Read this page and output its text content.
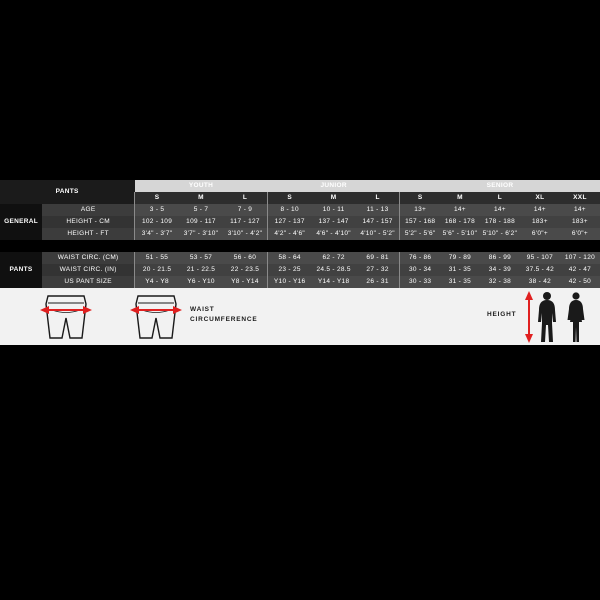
PANTS		YOUTH			JUNIOR			SENIOR				
		S	M	L	S	M	L	S	M	L	XL	XXL
GENERAL	AGE	3 - 5	5 - 7	7 - 9	8 - 10	10 - 11	11 - 13	13+	14+	14+	14+	14+
	HEIGHT - CM	102 - 109	109 - 117	117 - 127	127 - 137	137 - 147	147 - 157	157 - 168	168 - 178	178 - 188	183+	183+
	HEIGHT - FT	3'4" - 3'7"	3'7" - 3'10"	3'10" - 4'2"	4'2" - 4'6"	4'6" - 4'10"	4'10" - 5'2"	5'2" - 5'6"	5'6" - 5'10"	5'10" - 6'2"	6'0"+	6'0"+

PANTS	WAIST CIRC. (CM)	51 - 55	53 - 57	56 - 60	58 - 64	62 - 72	69 - 81	76 - 86	79 - 89	86 - 99	95 - 107	107 - 120
	WAIST CIRC. (IN)	20 - 21.5	21 - 22.5	22 - 23.5	23 - 25	24.5 - 28.5	27 - 32	30 - 34	31 - 35	34 - 39	37.5 - 42	42 - 47
	US PANT SIZE	Y4 - Y8	Y6 - Y10	Y8 - Y14	Y10 - Y16	Y14 - Y18	26 - 31	30 - 33	31 - 35	32 - 38	38 - 42	42 - 50
WAIST
CIRCUMFERENCE
HEIGHT
